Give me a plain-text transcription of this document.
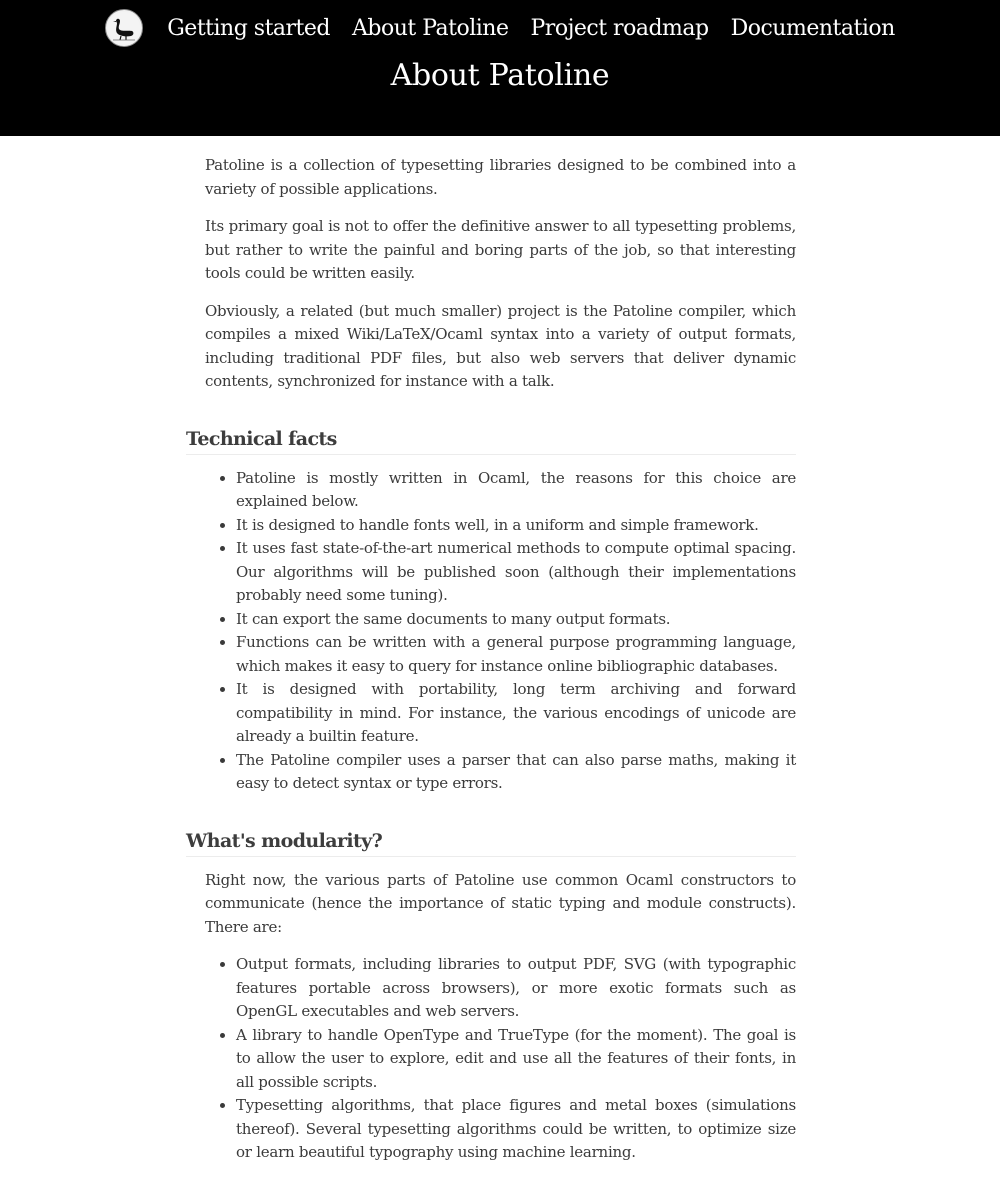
Getting started About Patoline Project roadmap Documentation
About Patoline

Patoline is a collection of typesetting libraries designed to be combined into a variety of possible applications.

Its primary goal is not to offer the definitive answer to all typesetting problems, but rather to write the painful and boring parts of the job, so that interesting tools could be written easily.

Obviously, a related (but much smaller) project is the Patoline compiler, which compiles a mixed Wiki/LaTeX/Ocaml syntax into a variety of output formats, including traditional PDF files, but also web servers that deliver dynamic contents, synchronized for instance with a talk.

Technical facts
• Patoline is mostly written in Ocaml, the reasons for this choice are explained below.
• It is designed to handle fonts well, in a uniform and simple framework.
• It uses fast state-of-the-art numerical methods to compute optimal spacing. Our algorithms will be published soon (although their implementations probably need some tuning).
• It can export the same documents to many output formats.
• Functions can be written with a general purpose programming language, which makes it easy to query for instance online bibliographic databases.
• It is designed with portability, long term archiving and forward compatibility in mind. For instance, the various encodings of unicode are already a builtin feature.
• The Patoline compiler uses a parser that can also parse maths, making it easy to detect syntax or type errors.
What's modularity?

Right now, the various parts of Patoline use common Ocaml constructors to communicate (hence the importance of static typing and module constructs). There are:

• Output formats, including libraries to output PDF, SVG (with typographic features portable across browsers), or more exotic formats such as OpenGL executables and web servers.
• A library to handle OpenType and TrueType (for the moment). The goal is to allow the user to explore, edit and use all the features of their fonts, in all possible scripts.
• Typesetting algorithms, that place figures and metal boxes (simulations thereof). Several typesetting algorithms could be written, to optimize size or learn beautiful typography using machine learning.
